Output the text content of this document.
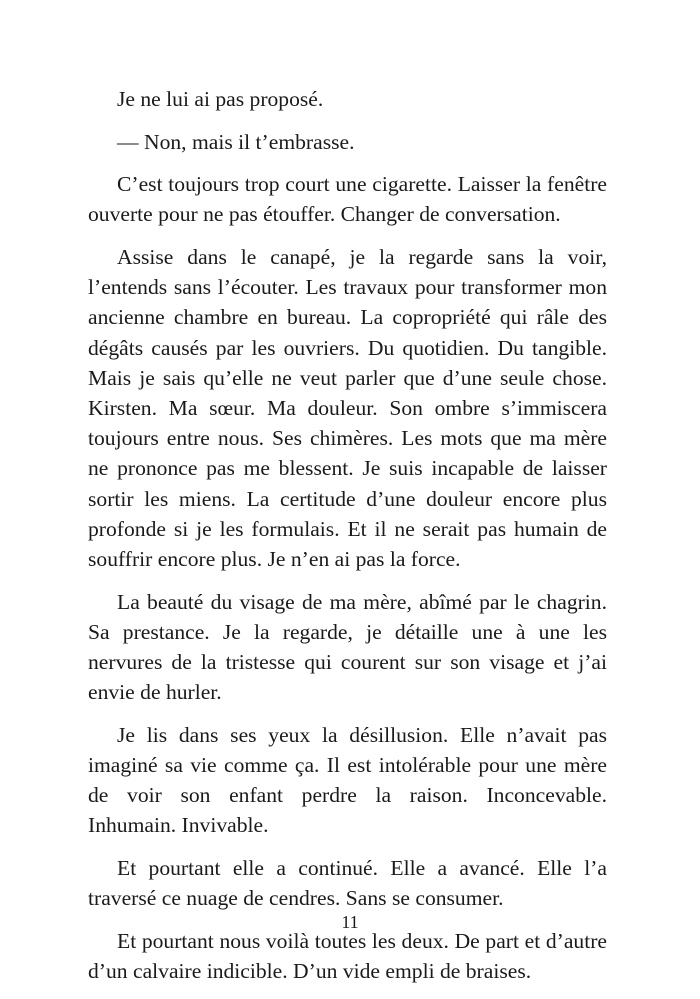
Je ne lui ai pas proposé.

— Non, mais il t’embrasse.

C’est toujours trop court une cigarette. Laisser la fenêtre ouverte pour ne pas étouffer. Changer de conversation.

Assise dans le canapé, je la regarde sans la voir, l’entends sans l’écouter. Les travaux pour transformer mon ancienne chambre en bureau. La copropriété qui râle des dégâts causés par les ouvriers. Du quotidien. Du tangible. Mais je sais qu’elle ne veut parler que d’une seule chose. Kirsten. Ma sœur. Ma douleur. Son ombre s’immiscera toujours entre nous. Ses chimères. Les mots que ma mère ne prononce pas me blessent. Je suis incapable de laisser sortir les miens. La certitude d’une douleur encore plus profonde si je les formulais. Et il ne serait pas humain de souffrir encore plus. Je n’en ai pas la force.

La beauté du visage de ma mère, abîmé par le chagrin. Sa prestance. Je la regarde, je détaille une à une les nervures de la tristesse qui courent sur son visage et j’ai envie de hurler.

Je lis dans ses yeux la désillusion. Elle n’avait pas imaginé sa vie comme ça. Il est intolérable pour une mère de voir son enfant perdre la raison. Inconcevable. Inhumain. Invivable.

Et pourtant elle a continué. Elle a avancé. Elle l’a traversé ce nuage de cendres. Sans se consumer.

Et pourtant nous voilà toutes les deux. De part et d’autre d’un calvaire indicible. D’un vide empli de braises.

11
